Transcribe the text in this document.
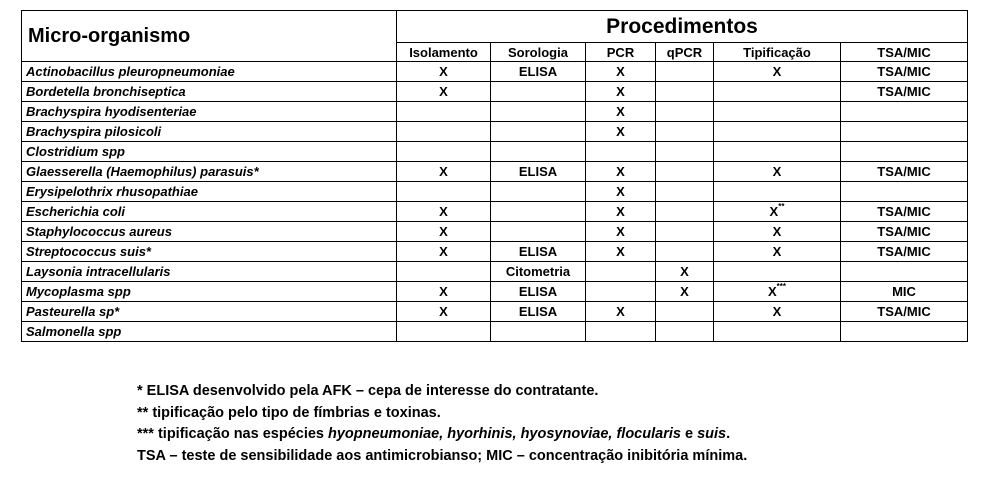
Micro-organismo	Procedimentos					
	Isolamento	Sorologia	PCR	qPCR	Tipificação	TSA/MIC
Actinobacillus pleuropneumoniae	X	ELISA	X		X	TSA/MIC
Bordetella bronchiseptica	X		X			TSA/MIC
Brachyspira hyodisenteriae			X			
Brachyspira pilosicoli			X			
Clostridium spp						
Glaesserella (Haemophilus) parasuis*	X	ELISA	X		X	TSA/MIC
Erysipelothrix rhusopathiae			X			
Escherichia coli	X		X		X**	TSA/MIC
Staphylococcus aureus	X		X		X	TSA/MIC
Streptococcus suis*	X	ELISA	X		X	TSA/MIC
Laysonia intracellularis		Citometria		X		
Mycoplasma spp	X	ELISA		X	X***	MIC
Pasteurella sp*	X	ELISA	X		X	TSA/MIC
Salmonella spp						

* ELISA desenvolvido pela AFK – cepa de interesse do contratante.

** tipificação pelo tipo de fímbrias e toxinas.

*** tipificação nas espécies hyopneumoniae, hyorhinis, hyosynoviae, flocularis e suis.

TSA – teste de sensibilidade aos antimicrobianso; MIC – concentração inibitória mínima.
